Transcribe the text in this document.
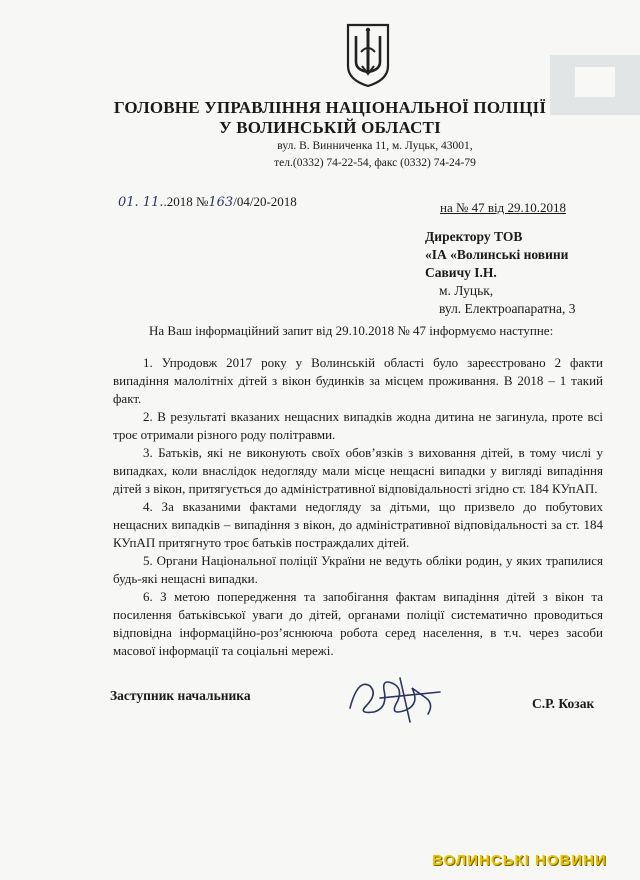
ГОЛОВНЕ УПРАВЛІННЯ НАЦІОНАЛЬНОЇ ПОЛІЦІЇ
У ВОЛИНСЬКІЙ ОБЛАСТІ
вул. В. Винниченка 11, м. Луцьк, 43001,
тел.(0332) 74-22-54, факс (0332) 74-24-79
01. 11..2018 №163/04/20-2018	на № 47 від 29.10.2018
Директору ТОВ
«ІА «Волинські новини
Савичу І.Н.
м. Луцьк,
вул. Електроапаратна, 3

На Ваш інформаційний запит від 29.10.2018 № 47 інформуємо наступне:

1. Упродовж 2017 року у Волинській області було зареєстровано 2 факти випадіння малолітніх дітей з вікон будинків за місцем проживання. В 2018 – 1 такий факт.

2. В результаті вказаних нещасних випадків жодна дитина не загинула, проте всі троє отримали різного роду політравми.

3. Батьків, які не виконують своїх обов’язків з виховання дітей, в тому числі у випадках, коли внаслідок недогляду мали місце нещасні випадки у вигляді випадіння дітей з вікон, притягується до адміністративної відповідальності згідно ст. 184 КУпАП.

4. За вказаними фактами недогляду за дітьми, що призвело до побутових нещасних випадків – випадіння з вікон, до адміністративної відповідальності за ст. 184 КУпАП притягнуто троє батьків постраждалих дітей.

5. Органи Національної поліції України не ведуть обліки родин, у яких трапилися будь-які нещасні випадки.

6. З метою попередження та запобігання фактам випадіння дітей з вікон та посилення батьківської уваги до дітей, органами поліції систематично проводиться відповідна інформаційно-роз’яснююча робота серед населення, в т.ч. через засоби масової інформації та соціальні мережі.

Заступник начальника
С.Р. Козак
ВОЛИНСЬКІ НОВИНИ
